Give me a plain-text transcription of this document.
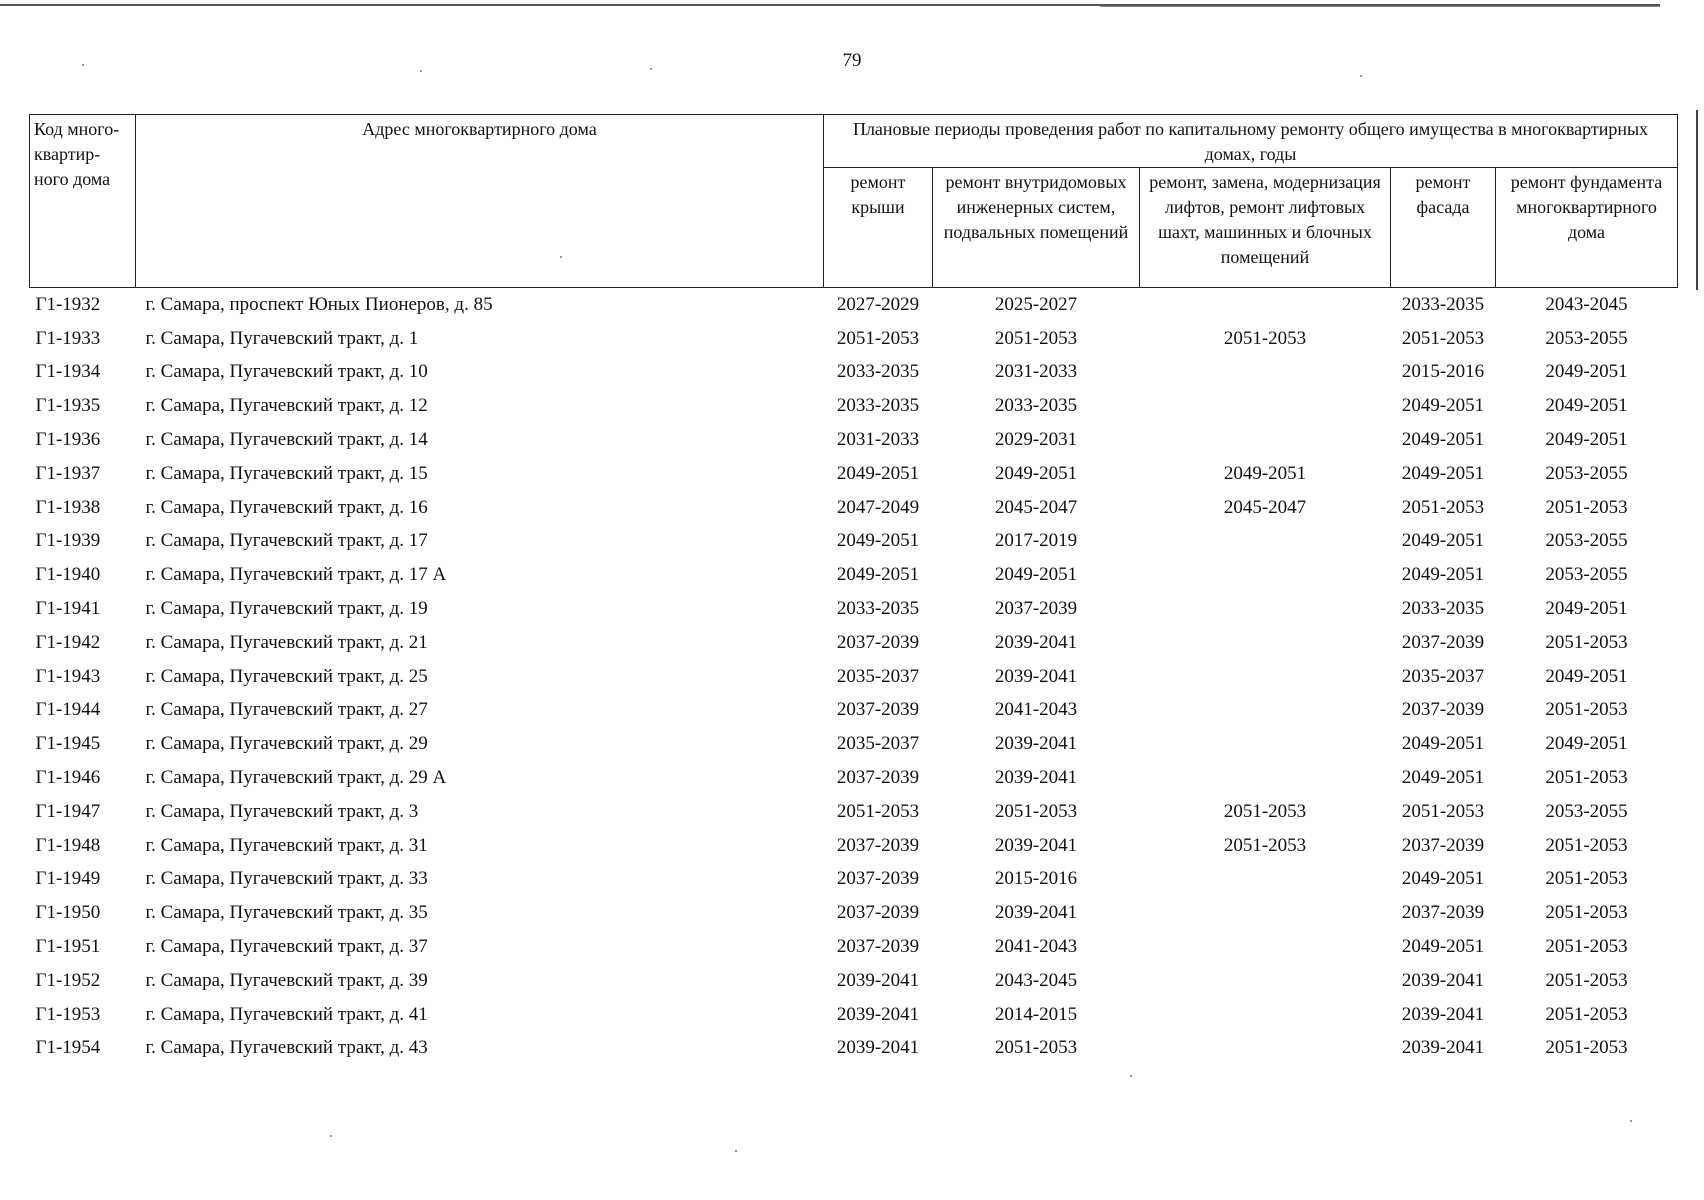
79
Код много-квартир-ного дома	Адрес многоквартирного дома	Плановые периоды проведения работ по капитальному ремонту общего имущества в многоквартирных домах, годы				
		ремонт крыши	ремонт внутридомовых инженерных систем, подвальных помещений	ремонт, замена, модернизация лифтов, ремонт лифтовых шахт, машинных и блочных помещений	ремонт фасада	ремонт фундамента многоквартирного дома
Г1-1932	г. Самара, проспект Юных Пионеров, д. 85	2027-2029	2025-2027		2033-2035	2043-2045
Г1-1933	г. Самара, Пугачевский тракт, д. 1	2051-2053	2051-2053	2051-2053	2051-2053	2053-2055
Г1-1934	г. Самара, Пугачевский тракт, д. 10	2033-2035	2031-2033		2015-2016	2049-2051
Г1-1935	г. Самара, Пугачевский тракт, д. 12	2033-2035	2033-2035		2049-2051	2049-2051
Г1-1936	г. Самара, Пугачевский тракт, д. 14	2031-2033	2029-2031		2049-2051	2049-2051
Г1-1937	г. Самара, Пугачевский тракт, д. 15	2049-2051	2049-2051	2049-2051	2049-2051	2053-2055
Г1-1938	г. Самара, Пугачевский тракт, д. 16	2047-2049	2045-2047	2045-2047	2051-2053	2051-2053
Г1-1939	г. Самара, Пугачевский тракт, д. 17	2049-2051	2017-2019		2049-2051	2053-2055
Г1-1940	г. Самара, Пугачевский тракт, д. 17 А	2049-2051	2049-2051		2049-2051	2053-2055
Г1-1941	г. Самара, Пугачевский тракт, д. 19	2033-2035	2037-2039		2033-2035	2049-2051
Г1-1942	г. Самара, Пугачевский тракт, д. 21	2037-2039	2039-2041		2037-2039	2051-2053
Г1-1943	г. Самара, Пугачевский тракт, д. 25	2035-2037	2039-2041		2035-2037	2049-2051
Г1-1944	г. Самара, Пугачевский тракт, д. 27	2037-2039	2041-2043		2037-2039	2051-2053
Г1-1945	г. Самара, Пугачевский тракт, д. 29	2035-2037	2039-2041		2049-2051	2049-2051
Г1-1946	г. Самара, Пугачевский тракт, д. 29 А	2037-2039	2039-2041		2049-2051	2051-2053
Г1-1947	г. Самара, Пугачевский тракт, д. 3	2051-2053	2051-2053	2051-2053	2051-2053	2053-2055
Г1-1948	г. Самара, Пугачевский тракт, д. 31	2037-2039	2039-2041	2051-2053	2037-2039	2051-2053
Г1-1949	г. Самара, Пугачевский тракт, д. 33	2037-2039	2015-2016		2049-2051	2051-2053
Г1-1950	г. Самара, Пугачевский тракт, д. 35	2037-2039	2039-2041		2037-2039	2051-2053
Г1-1951	г. Самара, Пугачевский тракт, д. 37	2037-2039	2041-2043		2049-2051	2051-2053
Г1-1952	г. Самара, Пугачевский тракт, д. 39	2039-2041	2043-2045		2039-2041	2051-2053
Г1-1953	г. Самара, Пугачевский тракт, д. 41	2039-2041	2014-2015		2039-2041	2051-2053
Г1-1954	г. Самара, Пугачевский тракт, д. 43	2039-2041	2051-2053		2039-2041	2051-2053
